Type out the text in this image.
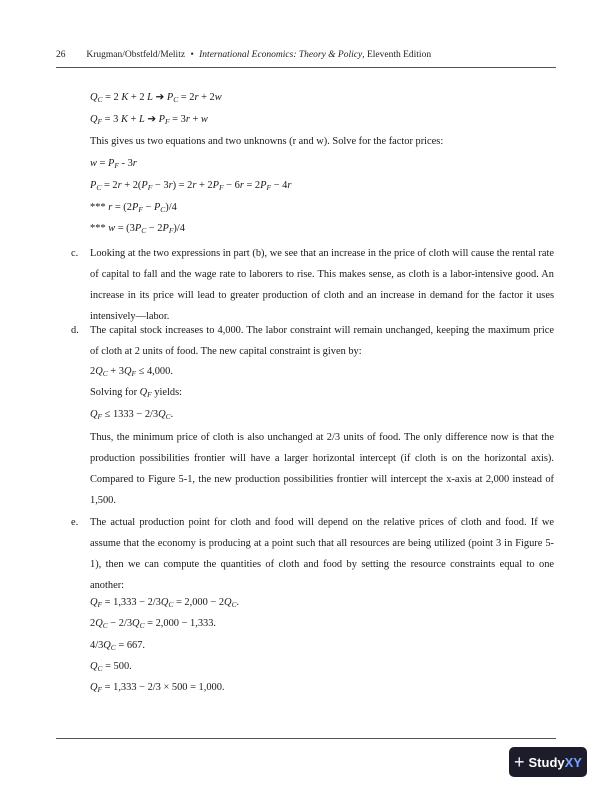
26 Krugman/Obstfeld/Melitz • International Economics: Theory & Policy, Eleventh Edition
$Q_C = 2$ K + 2 L ➔ $P_C = 2r + 2w$
$Q_F = 3$ K + L ➔ $P_F = 3r + w$
This gives us two equations and two unknowns (r and w). Solve for the factor prices:
$w = P_F - 3r$
$P_C = 2r + 2(P_F - 3r) = 2r + 2P_F - 6r = 2P_F - 4r$
*** $r = (2P_F - P_C)/4$
*** $w = (3P_C - 2P_F)/4$
c. Looking at the two expressions in part (b), we see that an increase in the price of cloth will cause the rental rate of capital to fall and the wage rate to laborers to rise. This makes sense, as cloth is a labor-intensive good. An increase in its price will lead to greater production of cloth and an increase in demand for the factor it uses intensively—labor.
d. The capital stock increases to 4,000. The labor constraint will remain unchanged, keeping the maximum price of cloth at 2 units of food. The new capital constraint is given by:
$2Q_C + 3Q_F \le 4,000$.
Solving for $Q_F$ yields:
$Q_F \le 1333 - 2/3Q_C$.
Thus, the minimum price of cloth is also unchanged at 2/3 units of food. The only difference now is that the production possibilities frontier will have a larger horizontal intercept (if cloth is on the horizontal axis). Compared to Figure 5-1, the new production possibilities frontier will intercept the x-axis at 2,000 instead of 1,500.
e. The actual production point for cloth and food will depend on the relative prices of cloth and food. If we assume that the economy is producing at a point such that all resources are being utilized (point 3 in Figure 5-1), then we can compute the quantities of cloth and food by setting the resource constraints equal to one another:
$Q_F = 1,333 - 2/3Q_C = 2,000 - 2Q_C$.
$2Q_C - 2/3Q_C = 2,000 - 1,333$.
$4/3Q_C = 667$.
$Q_C = 500$.
$Q_F = 1,333 - 2/3 \times 500 = 1,000$.
+ Study XY
